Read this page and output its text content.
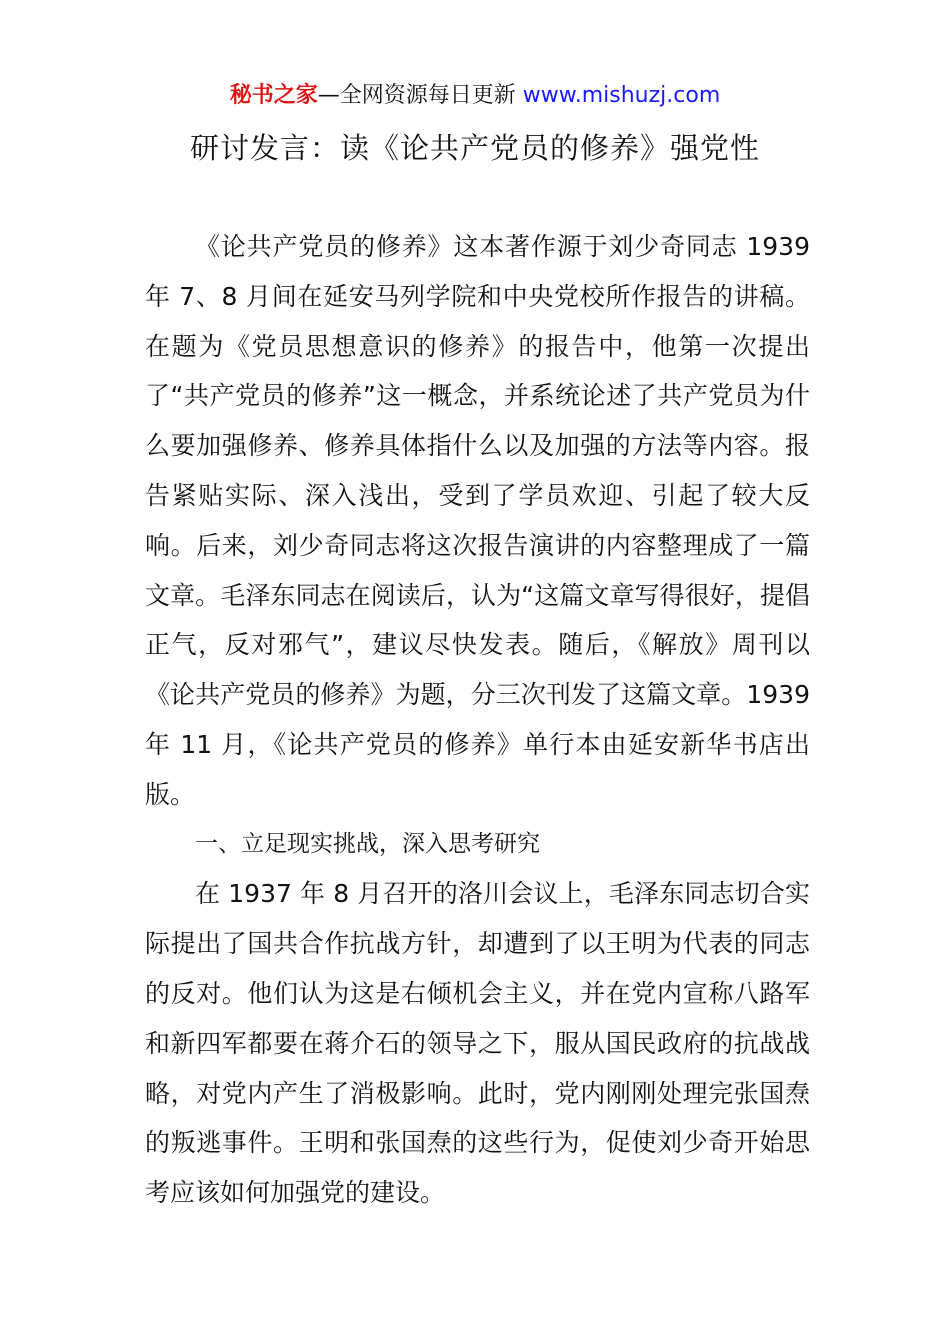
秘书之家—全网资源每日更新 www.mishuzj.com
研讨发言：读《论共产党员的修养》强党性

《论共产党员的修养》这本著作源于刘少奇同志 1939 年 7、8 月间在延安马列学院和中央党校所作报告的讲稿。在题为《党员思想意识的修养》的报告中，他第一次提出了“共产党员的修养”这一概念，并系统论述了共产党员为什么要加强修养、修养具体指什么以及加强的方法等内容。报告紧贴实际、深入浅出，受到了学员欢迎、引起了较大反响。后来，刘少奇同志将这次报告演讲的内容整理成了一篇文章。毛泽东同志在阅读后，认为“这篇文章写得很好，提倡正气，反对邪气”，建议尽快发表。随后，《解放》周刊以《论共产党员的修养》为题，分三次刊发了这篇文章。1939 年 11 月，《论共产党员的修养》单行本由延安新华书店出版。

一、立足现实挑战，深入思考研究

在 1937 年 8 月召开的洛川会议上，毛泽东同志切合实际提出了国共合作抗战方针，却遭到了以王明为代表的同志的反对。他们认为这是右倾机会主义，并在党内宣称八路军和新四军都要在蒋介石的领导之下，服从国民政府的抗战战略，对党内产生了消极影响。此时，党内刚刚处理完张国焘的叛逃事件。王明和张国焘的这些行为，促使刘少奇开始思考应该如何加强党的建设。
